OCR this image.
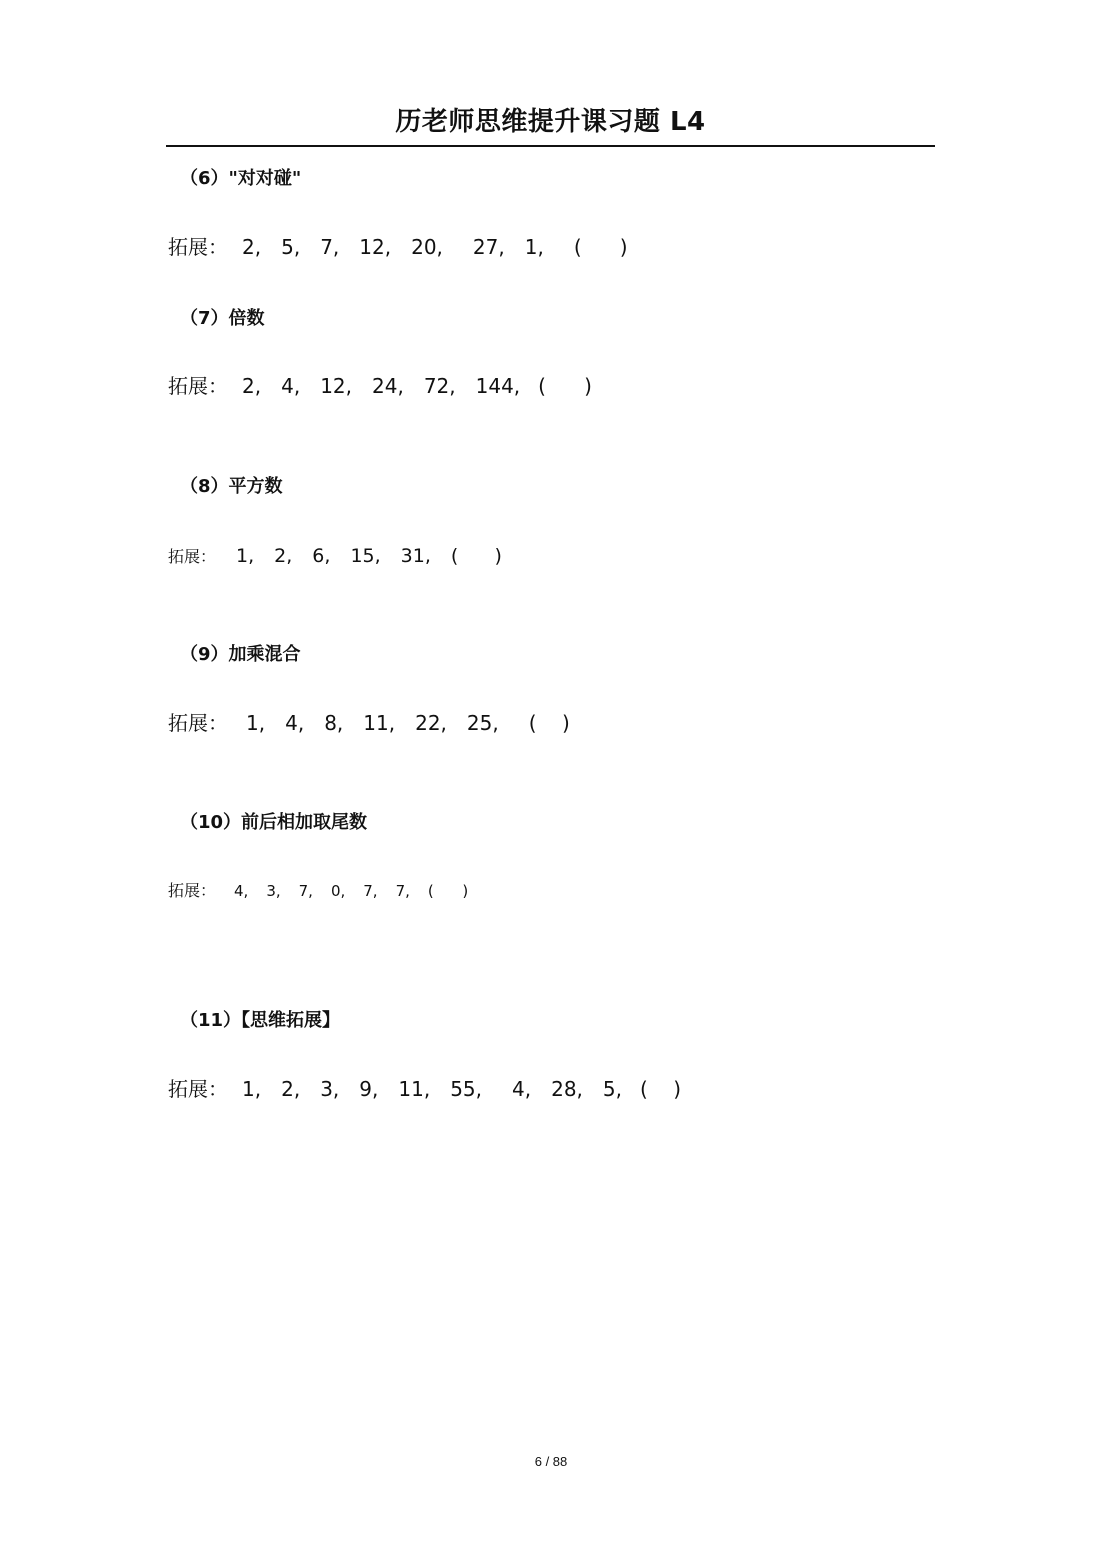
历老师思维提升课习题 L4
（6）"对对碰"
拓展： 2, 5, 7, 12, 20, 27, 1, (      )
（7）倍数
拓展： 2, 4, 12, 24, 72, 144, (      )
（8）平方数
拓展： 1, 2, 6, 15, 31, (      )
（9）加乘混合
拓展： 1, 4, 8, 11, 22, 25, (    )
（10）前后相加取尾数
拓展： 4, 3, 7, 0, 7, 7, (      )
（11）【思维拓展】
拓展： 1, 2, 3, 9, 11, 55, 4, 28, 5, (    )
6 / 88
